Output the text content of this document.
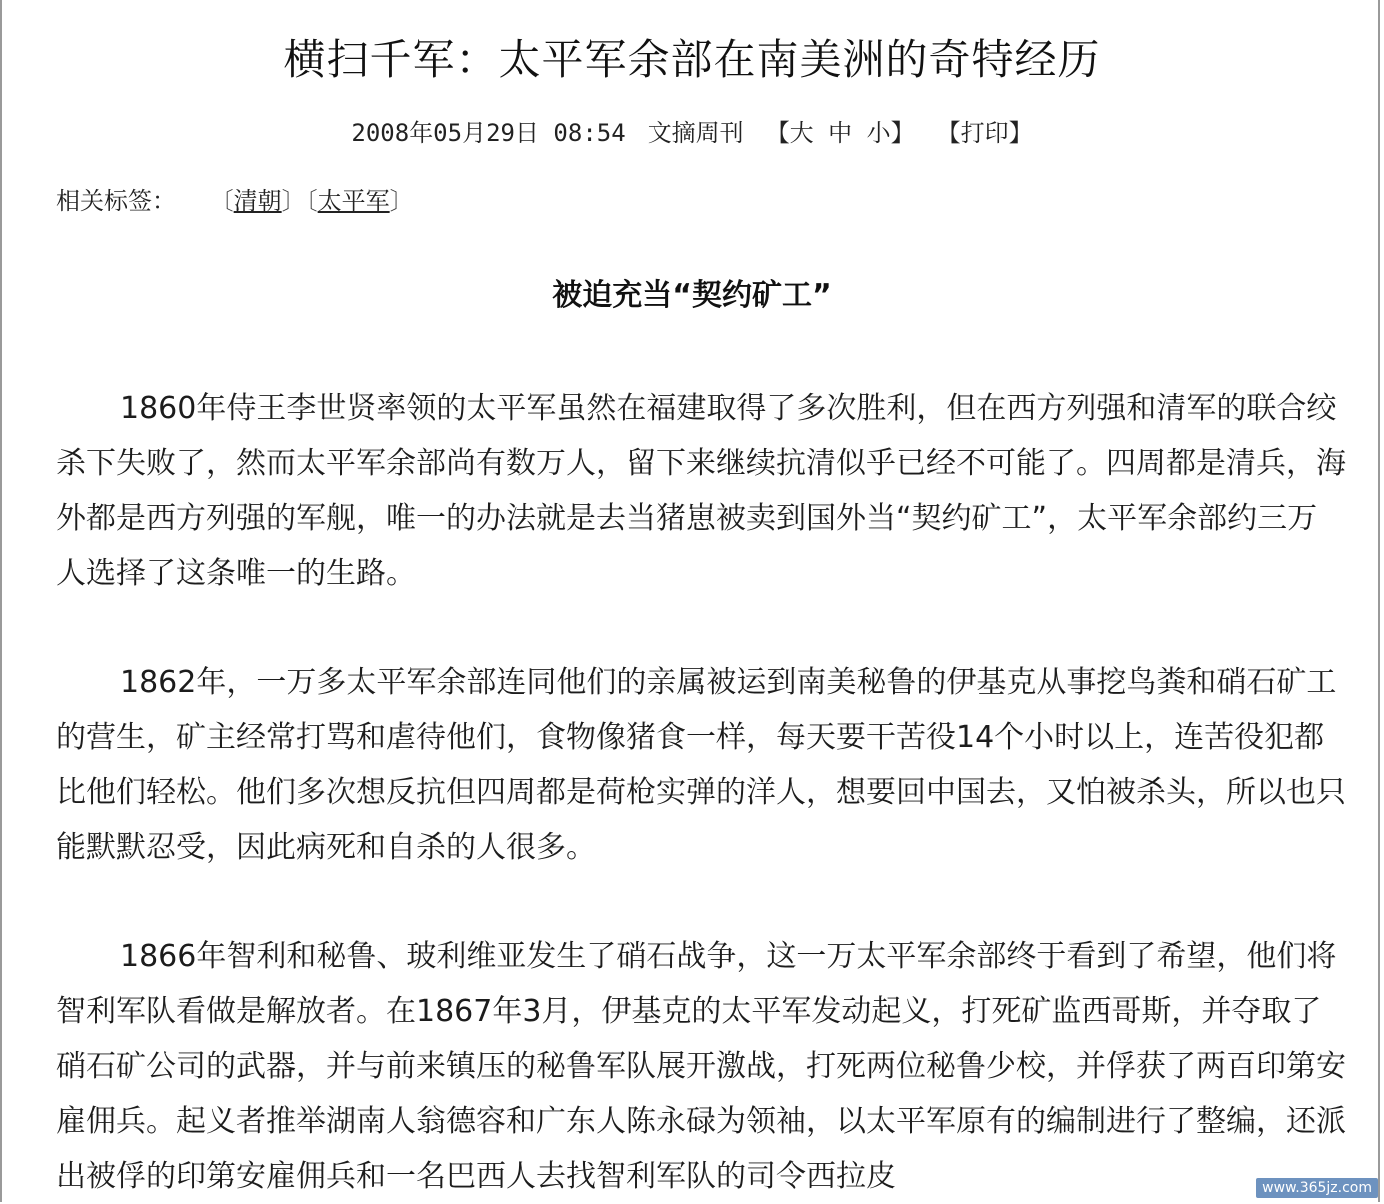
横扫千军：太平军余部在南美洲的奇特经历
2008年05月29日 08:54 文摘周刊 【大 中 小】 【打印】
相关标签： 〔清朝〕〔太平军〕
被迫充当“契约矿工”

1860年侍王李世贤率领的太平军虽然在福建取得了多次胜利，但在西方列强和清军的联合绞杀下失败了，然而太平军余部尚有数万人，留下来继续抗清似乎已经不可能了。四周都是清兵，海外都是西方列强的军舰，唯一的办法就是去当猪崽被卖到国外当“契约矿工”，太平军余部约三万人选择了这条唯一的生路。

1862年，一万多太平军余部连同他们的亲属被运到南美秘鲁的伊基克从事挖鸟粪和硝石矿工的营生，矿主经常打骂和虐待他们，食物像猪食一样，每天要干苦役14个小时以上，连苦役犯都比他们轻松。他们多次想反抗但四周都是荷枪实弹的洋人，想要回中国去，又怕被杀头，所以也只能默默忍受，因此病死和自杀的人很多。

1866年智利和秘鲁、玻利维亚发生了硝石战争，这一万太平军余部终于看到了希望，他们将智利军队看做是解放者。在1867年3月，伊基克的太平军发动起义，打死矿监西哥斯，并夺取了硝石矿公司的武器，并与前来镇压的秘鲁军队展开激战，打死两位秘鲁少校，并俘获了两百印第安雇佣兵。起义者推举湖南人翁德容和广东人陈永碌为领袖，以太平军原有的编制进行了整编，还派出被俘的印第安雇佣兵和一名巴西人去找智利军队的司令西拉皮	www.365jz.com
